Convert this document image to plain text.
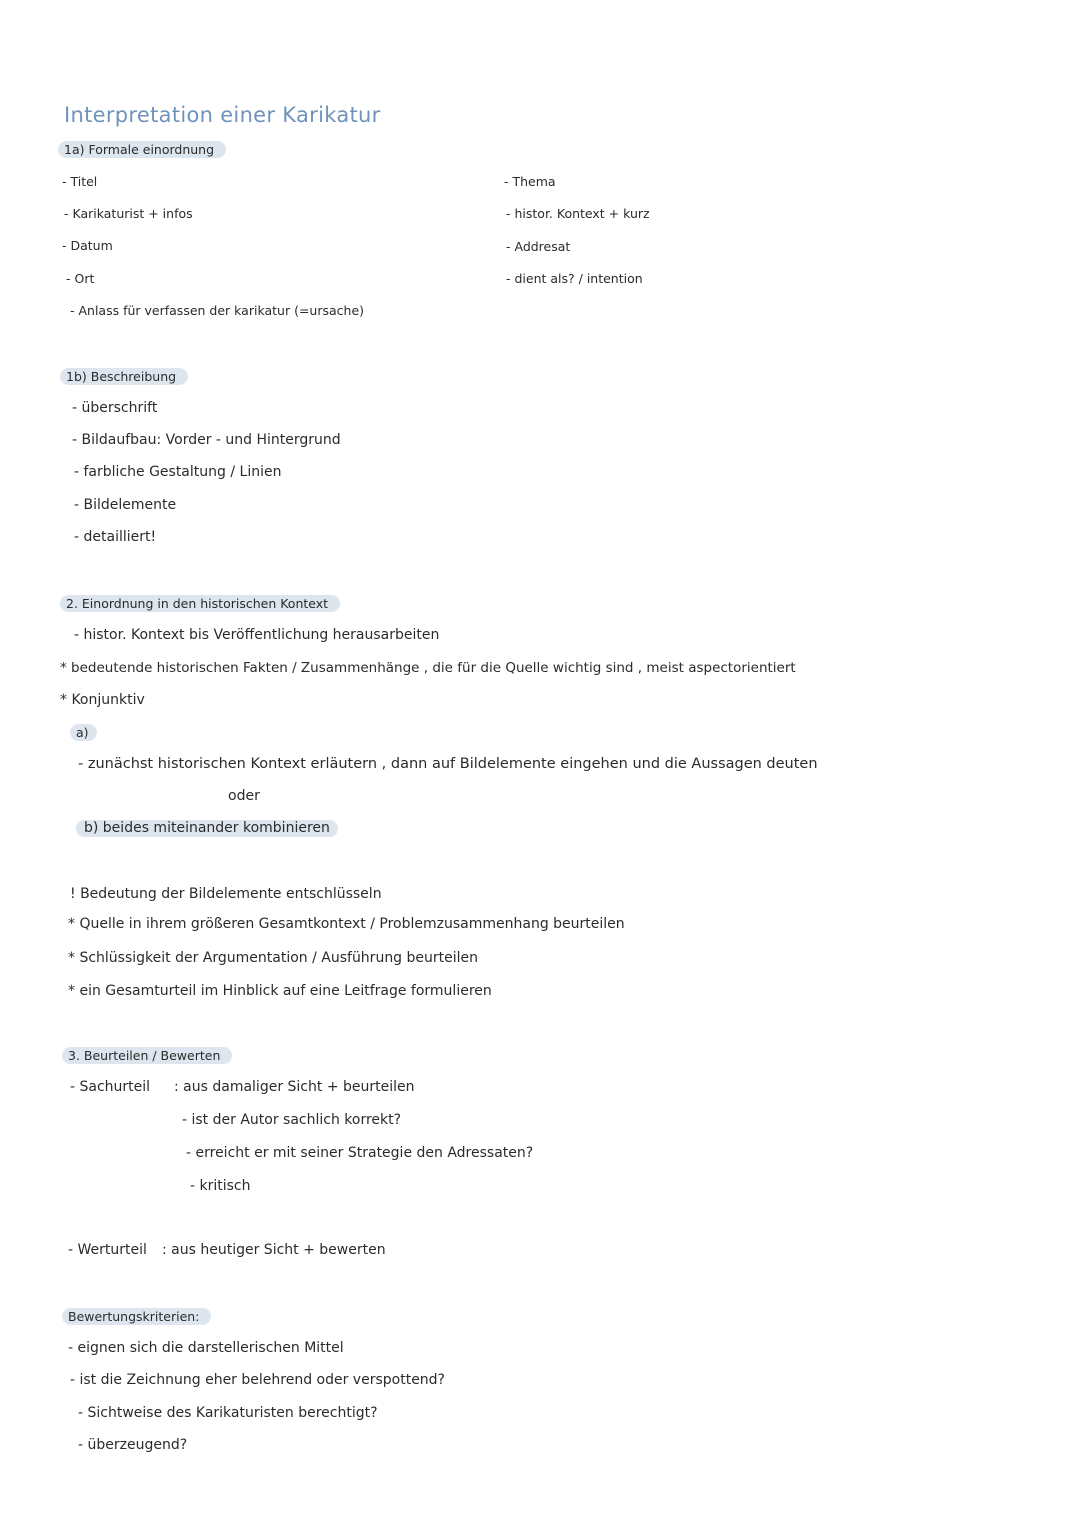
Interpretation einer Karikatur
1a) Formale einordnung
- Titel
- Karikaturist + infos
- Datum
- Ort
- Anlass für verfassen der karikatur (=ursache)
- Thema
- histor. Kontext + kurz
- Addresat
- dient als? / intention
1b) Beschreibung
- überschrift
- Bildaufbau: Vorder - und Hintergrund
- farbliche Gestaltung / Linien
- Bildelemente
- detailliert!
2. Einordnung in den historischen Kontext
- histor. Kontext bis Veröffentlichung herausarbeiten
* bedeutende historischen Fakten / Zusammenhänge , die für die Quelle wichtig sind , meist aspectorientiert
* Konjunktiv
a)
- zunächst historischen Kontext erläutern , dann auf Bildelemente eingehen und die Aussagen deuten
oder
b) beides miteinander kombinieren
! Bedeutung der Bildelemente entschlüsseln
* Quelle in ihrem größeren Gesamtkontext / Problemzusammenhang beurteilen
* Schlüssigkeit der Argumentation / Ausführung beurteilen
* ein Gesamturteil im Hinblick auf eine Leitfrage formulieren
3. Beurteilen / Bewerten
- Sachurteil : aus damaliger Sicht + beurteilen
- ist der Autor sachlich korrekt?
- erreicht er mit seiner Strategie den Adressaten?
- kritisch
- Werturteil : aus heutiger Sicht + bewerten
Bewertungskriterien:
- eignen sich die darstellerischen Mittel
- ist die Zeichnung eher belehrend oder verspottend?
- Sichtweise des Karikaturisten berechtigt?
- überzeugend?
